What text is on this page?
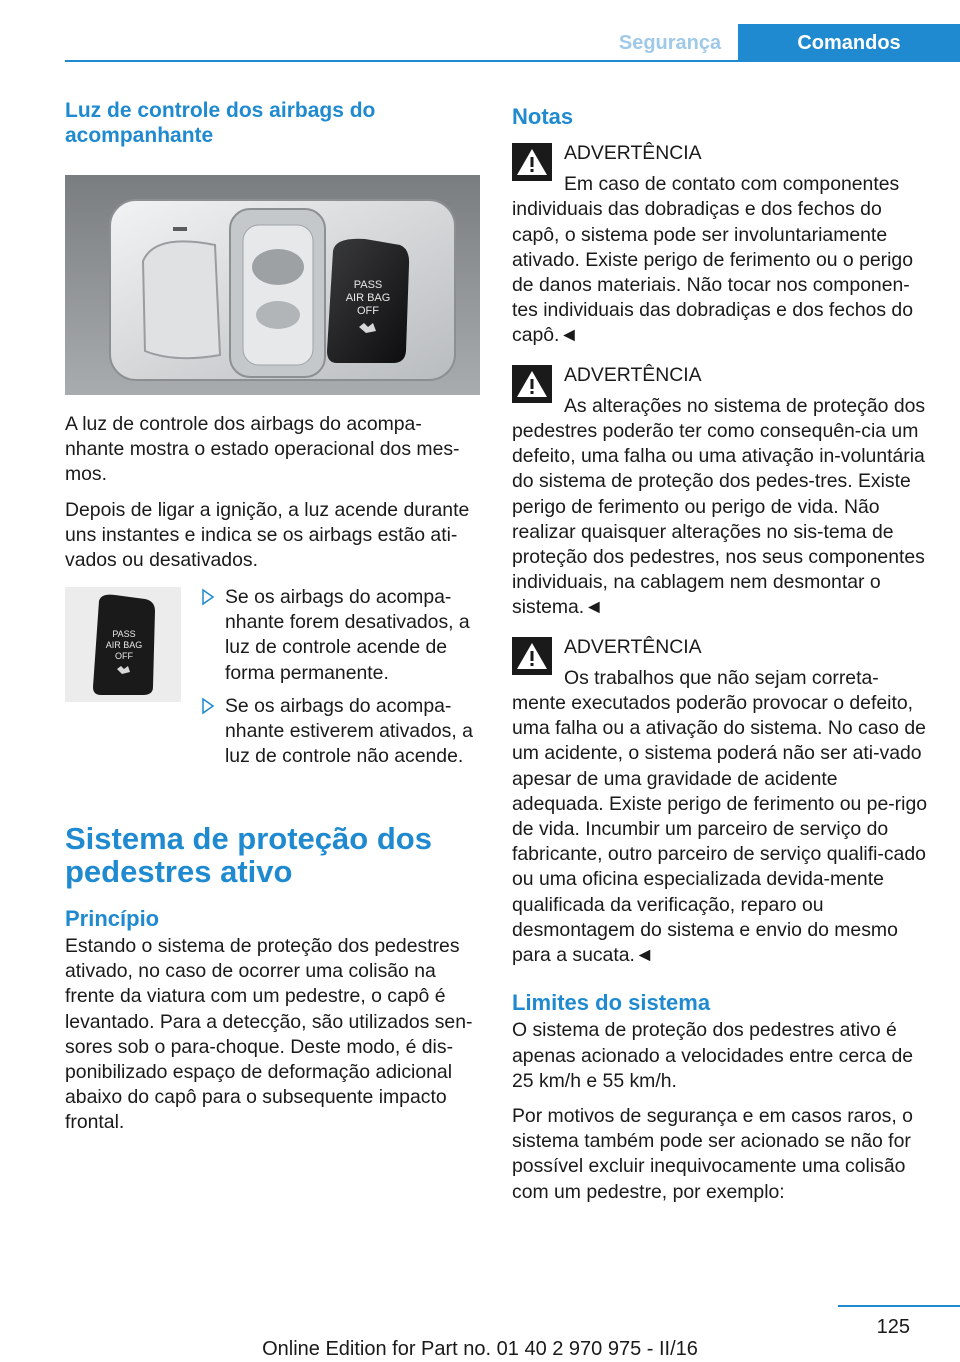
Segurança	Comandos
Luz de controle dos airbags do acompanhante
PASS
AIR BAG
OFF

A luz de controle dos airbags do acompa-nhante mostra o estado operacional dos mes-mos.

Depois de ligar a ignição, a luz acende durante uns instantes e indica se os airbags estão ati-vados ou desativados.

PASS
AIR BAG
OFF

Se os airbags do acompa-nhante forem desativados, a luz de controle acende de forma permanente.

Se os airbags do acompa-nhante estiverem ativados, a luz de controle não acende.

Sistema de proteção dos pedestres ativo
Princípio

Estando o sistema de proteção dos pedestres ativado, no caso de ocorrer uma colisão na frente da viatura com um pedestre, o capô é levantado. Para a detecção, são utilizados sen-sores sob o para-choque. Deste modo, é dis-ponibilizado espaço de deformação adicional abaixo do capô para o subsequente impacto frontal.

Notas

ADVERTÊNCIA

Em caso de contato com componentes individuais das dobradiças e dos fechos do capô, o sistema pode ser involuntariamente ativado. Existe perigo de ferimento ou o perigo de danos materiais. Não tocar nos componen-tes individuais das dobradiças e dos fechos do capô.◄

ADVERTÊNCIA

As alterações no sistema de proteção dos pedestres poderão ter como consequên-cia um defeito, uma falha ou uma ativação in-voluntária do sistema de proteção dos pedes-tres. Existe perigo de ferimento ou perigo de vida. Não realizar quaisquer alterações no sis-tema de proteção dos pedestres, nos seus componentes individuais, na cablagem nem desmontar o sistema.◄

ADVERTÊNCIA

Os trabalhos que não sejam correta-mente executados poderão provocar o defeito, uma falha ou a ativação do sistema. No caso de um acidente, o sistema poderá não ser ati-vado apesar de uma gravidade de acidente adequada. Existe perigo de ferimento ou pe-rigo de vida. Incumbir um parceiro de serviço do fabricante, outro parceiro de serviço qualifi-cado ou uma oficina especializada devida-mente qualificada da verificação, reparo ou desmontagem do sistema e envio do mesmo para a sucata.◄

Limites do sistema

O sistema de proteção dos pedestres ativo é apenas acionado a velocidades entre cerca de 25 km/h e 55 km/h.

Por motivos de segurança e em casos raros, o sistema também pode ser acionado se não for possível excluir inequivocamente uma colisão com um pedestre, por exemplo:

125
Online Edition for Part no. 01 40 2 970 975 - II/16
